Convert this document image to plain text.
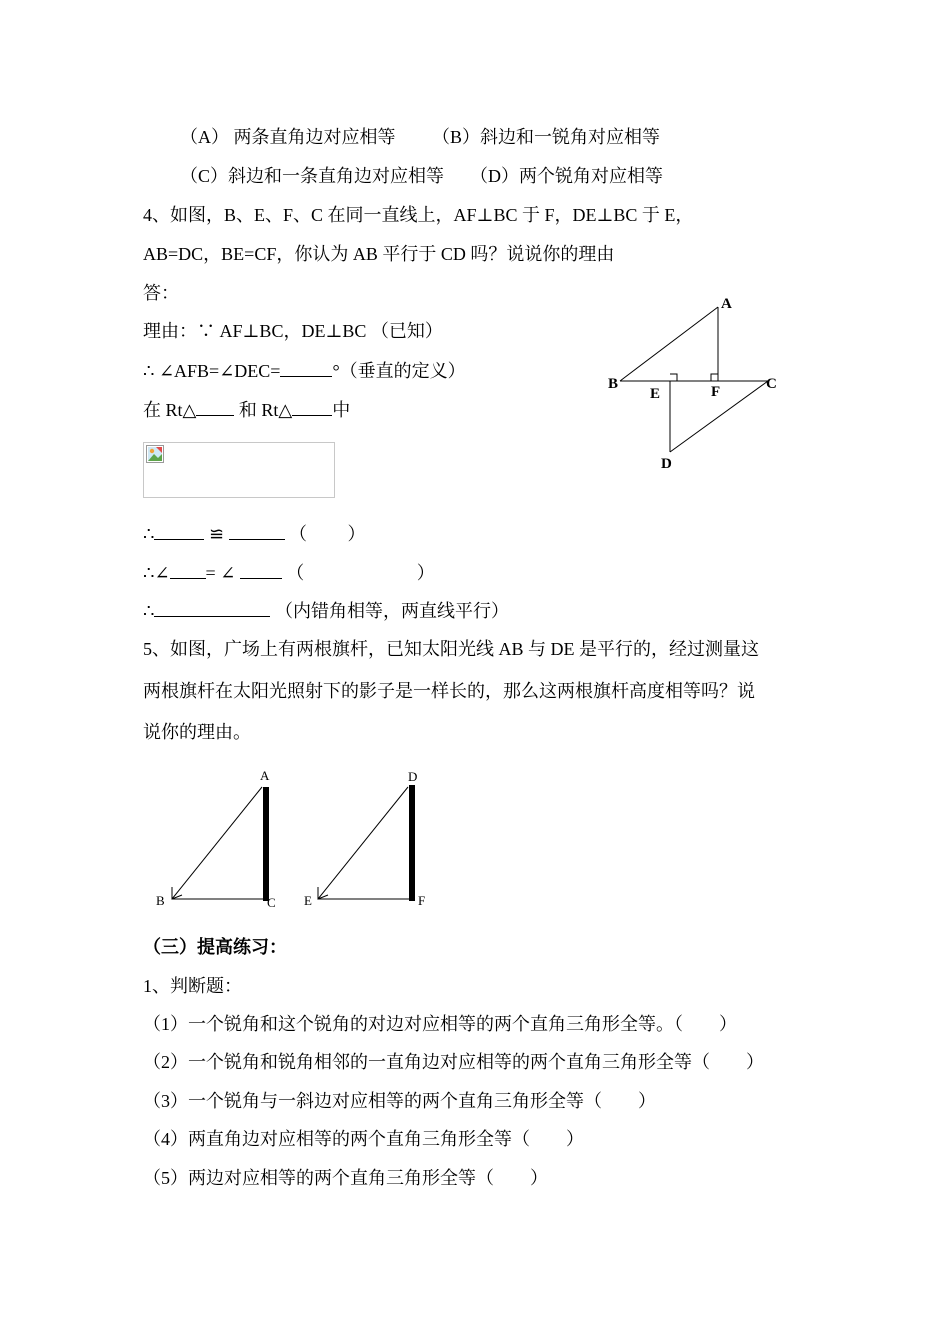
（A） 两条直角边对应相等 （B）斜边和一锐角对应相等
（C）斜边和一条直角边对应相等 （D）两个锐角对应相等
4、如图，B、E、F、C 在同一直线上，AF⊥BC 于 F，DE⊥BC 于 E，
AB=DC，BE=CF，你认为 AB 平行于 CD 吗？说说你的理由
答：
理由：∵ AF⊥BC，DE⊥BC （已知）
∴ ∠AFB=∠DEC=	°（垂直的定义）
在 Rt△ 和 Rt△ 中
∴	≌	（　　 ）
∴∠ = ∠  （　　　　　　 ）
∴	（内错角相等，两直线平行）
A
B	C
D
E	F
5、如图，广场上有两根旗杆，已知太阳光线 AB 与 DE 是平行的，经过测量这
两根旗杆在太阳光照射下的影子是一样长的，那么这两根旗杆高度相等吗？说
说你的理由。
A
B	C
D
E	F
（三）提高练习：
1、判断题：
（1）一个锐角和这个锐角的对边对应相等的两个直角三角形全等。（　　）
（2）一个锐角和锐角相邻的一直角边对应相等的两个直角三角形全等（　　）
（3）一个锐角与一斜边对应相等的两个直角三角形全等（　　）
（4）两直角边对应相等的两个直角三角形全等（　　）
（5）两边对应相等的两个直角三角形全等（　　）
